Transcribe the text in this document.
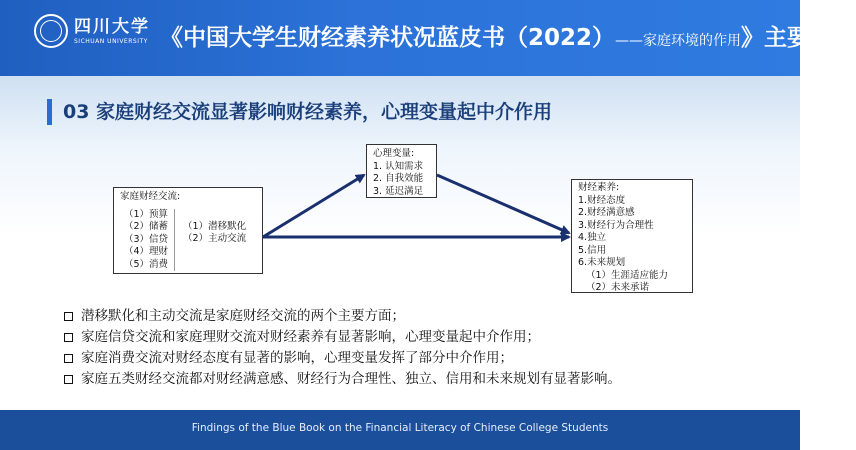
四川大学
SICHUAN UNIVERSITY 《中国大学生财经素养状况蓝皮书（2022）——家庭环境的作用》主要发现
03 家庭财经交流显著影响财经素养，心理变量起中介作用
家庭财经交流:
（1）预算
（2）储蓄
（3）信贷
（4）理财
（5）消费
（1）潜移默化
（2）主动交流
心理变量:
1. 认知需求
2. 自我效能
3. 延迟满足	财经素养:
1.财经态度
2.财经满意感
3.财经行为合理性
4.独立
5.信用
6.未来规划
（1）生涯适应能力
（2）未来承诺
潜移默化和主动交流是家庭财经交流的两个主要方面；
家庭信贷交流和家庭理财交流对财经素养有显著影响，心理变量起中介作用；
家庭消费交流对财经态度有显著的影响，心理变量发挥了部分中介作用；
家庭五类财经交流都对财经满意感、财经行为合理性、独立、信用和未来规划有显著影响。
Findings of the Blue Book on the Financial Literacy of Chinese College Students
